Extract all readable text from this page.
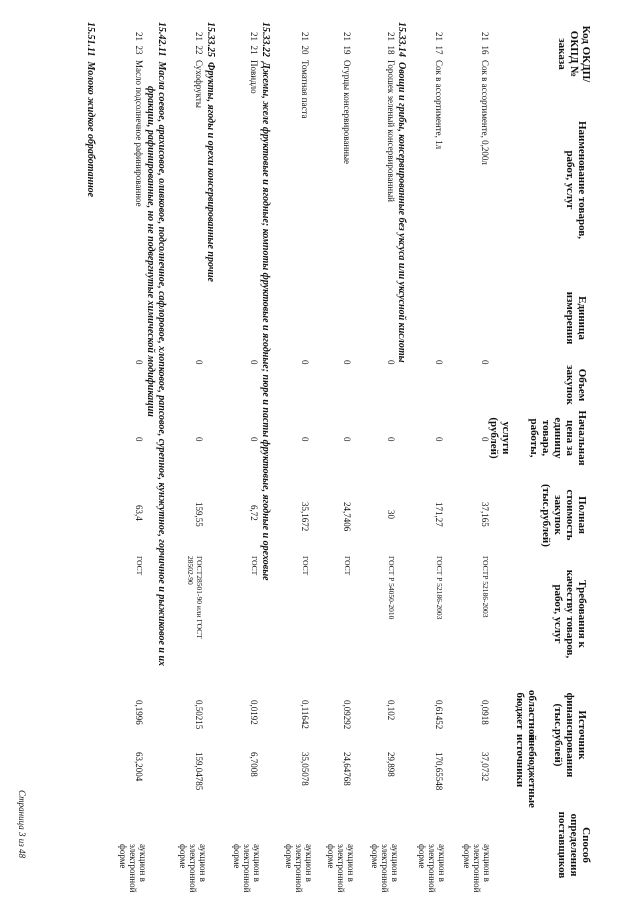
Код ОКДП/ ОКПД № заказа
Наименование товаров, работ, услуг
Единица измерения
Объем закупок
Начальная цена за единицу товара, работы,
услуги (рублей)
Полная стоимость закупок (тыс.рублей)
Требования к качеству товаров, работ, услуг
Источник финансирования (тыс.рублей)
областной бюджет
внебюджетные источники
Способ определения поставщиков
21  16
Сок в ассортименте, 0,200л
0
0
37,165
ГОСТР 52186-2003
0,0918
37,0732
аукцион в электронной форме
21  17
Сок в ассортименте, 1л
0
0
171,27
ГОСТ Р 52186-2003
0,61452
170,65548
аукцион в электронной форме
15.33.14  Овощи и грибы, консервированные без уксуса или уксусной кислоты
21  18
Горошек зеленый консервированный
0
0
30
ГОСТ Р 54050-2010
0,102
29,898
аукцион в электронной форме
21  19
Огурцы консервированные
0
0
24,7406
ГОСТ
0,09292
24,64768
аукцион в электронной форме
21  20
Томатная паста
0
0
35,1672
ГОСТ
0,11642
35,05078
аукцион в электронной форме
15.33.22  Джемы, желе фруктовые и ягодные; компоты фруктовые и ягодные; пюре и пасты фруктовые, ягодные и ореховые
21  21
Повидло
0
0
6,72
ГОСТ
0,0192
6,7008
аукцион в электронной форме
15.33.25  Фрукты, ягоды и орехи консервированные прочие
21  22
Сухофрукты
0
0
159,55
ГОСТ28501-90 или ГОСТ 28502-90
0,50215
159,04785
аукцион в электронной форме
15.42.11  Масла соевое, арахисовое, оливковое, подсолнечное, сафлоровое, хлопковое, рапсовое, сурепное, кунжутное, горчичное и рыжиковое и их
фракции, рафинированные, но не подвергнутые химической модификации
21  23
Масло подсолнечное рафинированное
0
0
63,4
ГОСТ
0,1996
63,2004
аукцион в электронной форме
15.51.11  Молоко жидкое обработанное
Страница 3 из 48
